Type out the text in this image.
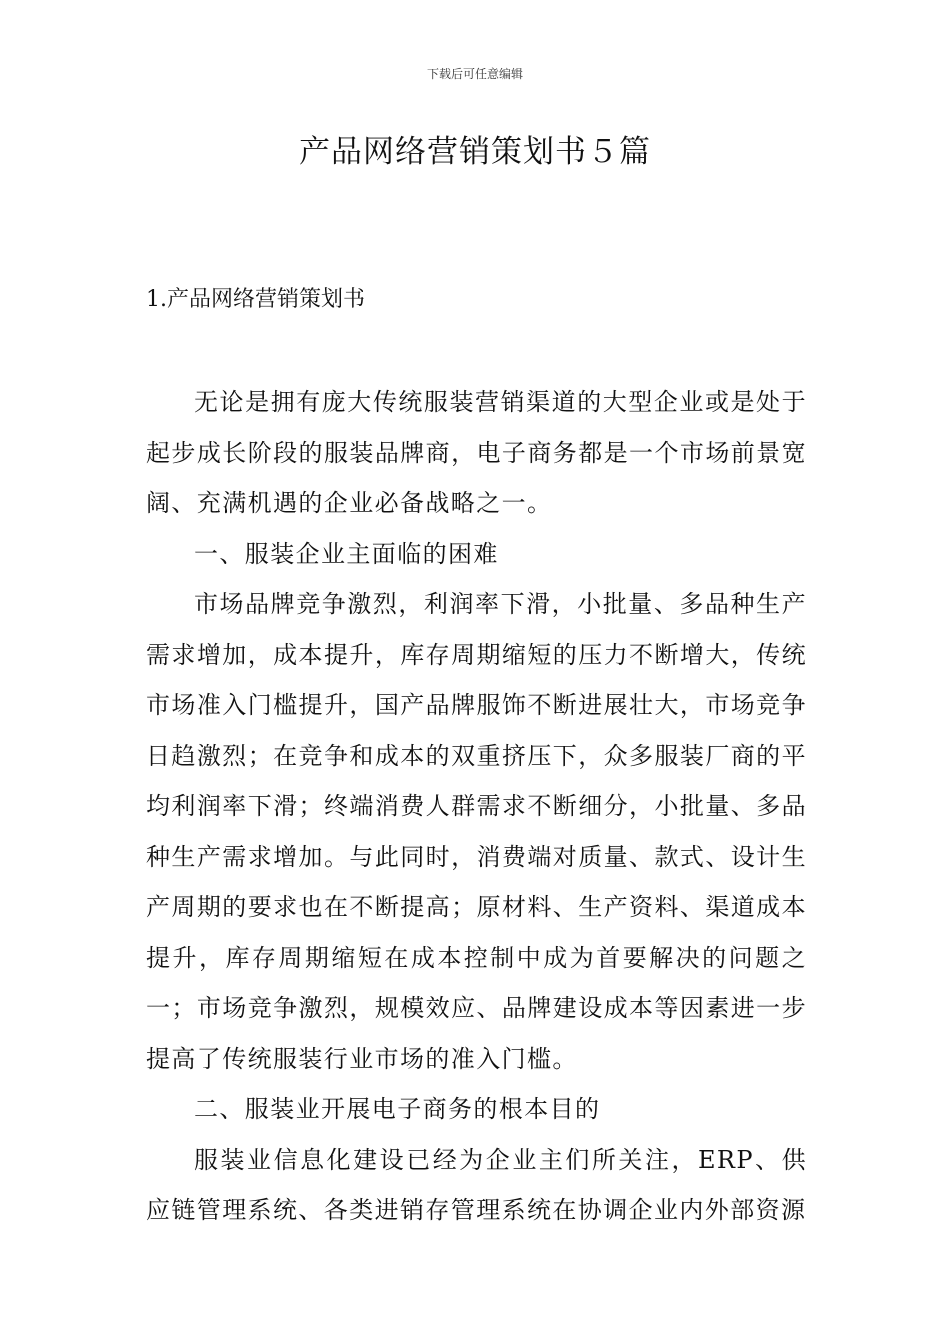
下载后可任意编辑
产品网络营销策划书５篇
1.产品网络营销策划书

无论是拥有庞大传统服装营销渠道的大型企业或是处于起步成长阶段的服装品牌商，电子商务都是一个市场前景宽阔、充满机遇的企业必备战略之一。

一、服装企业主面临的困难

市场品牌竞争激烈，利润率下滑，小批量、多品种生产需求增加，成本提升，库存周期缩短的压力不断增大，传统市场准入门槛提升，国产品牌服饰不断进展壮大，市场竞争日趋激烈；在竞争和成本的双重挤压下，众多服装厂商的平均利润率下滑；终端消费人群需求不断细分，小批量、多品种生产需求增加。与此同时，消费端对质量、款式、设计生产周期的要求也在不断提高；原材料、生产资料、渠道成本提升，库存周期缩短在成本控制中成为首要解决的问题之一；市场竞争激烈，规模效应、品牌建设成本等因素进一步提高了传统服装行业市场的准入门槛。

二、服装业开展电子商务的根本目的

服装业信息化建设已经为企业主们所关注，ERP、供应链管理系统、各类进销存管理系统在协调企业内外部资源
